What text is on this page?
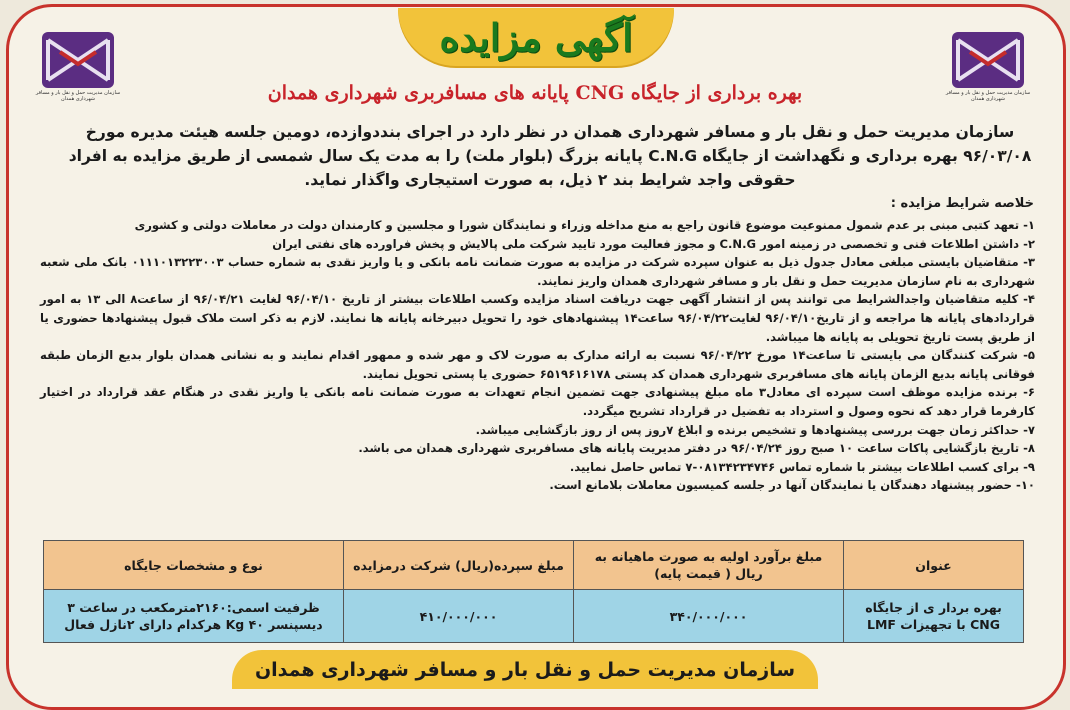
سازمان مدیریت حمل و نقل بار و مسافر شهرداری همدان
سازمان مدیریت حمل و نقل بار و مسافر شهرداری همدان
آگهی مزایده
بهره برداری از جایگاه CNG پایانه های مسافربری شهرداری همدان
سازمان مدیریت حمل و نقل بار و مسافر شهرداری همدان در نظر دارد در اجرای بنددوازده، دومین جلسه هیئت مدیره مورخ ۹۶/۰۳/۰۸ بهره برداری و نگهداشت از جایگاه C.N.G پایانه بزرگ (بلوار ملت) را به مدت یک سال شمسی از طریق مزایده به افراد حقوقی واجد شرایط بند ۲ ذیل، به صورت استیجاری واگذار نماید.
خلاصه شرایط مزایده :
۱- تعهد کتبی مبنی بر عدم شمول ممنوعیت موضوع قانون راجع به منع مداخله وزراء و نمایندگان شورا و مجلسین و کارمندان دولت در معاملات دولتی و کشوری
۲- داشتن اطلاعات فنی و تخصصی در زمینه امور C.N.G و مجوز فعالیت مورد تایید شرکت ملی پالایش و پخش فراورده های نفتی ایران
۳- متقاضیان بایستی مبلغی معادل جدول ذیل به عنوان سپرده شرکت در مزایده به صورت ضمانت نامه بانکی و یا واریز نقدی به شماره حساب ۰۱۱۱۰۱۳۲۲۳۰۰۳ بانک ملی شعبه شهرداری به نام سازمان مدیریت حمل و نقل بار و مسافر شهرداری همدان واریز نمایند.
۴- کلیه متقاضیان واجدالشرایط می توانند پس از انتشار آگهی جهت دریافت اسناد مزایده وکسب اطلاعات بیشتر از تاریخ ۹۶/۰۴/۱۰ لغایت ۹۶/۰۴/۲۱ از ساعت۸ الی ۱۳ به امور قراردادهای پایانه ها مراجعه و از تاریخ۹۶/۰۴/۱۰ لغایت۹۶/۰۴/۲۲ ساعت۱۴ پیشنهادهای خود را تحویل دبیرخانه پایانه ها نمایند. لازم به ذکر است ملاک قبول پیشنهادها حضوری یا از طریق پست تاریخ تحویلی به پایانه ها میباشد.
۵- شرکت کنندگان می بایستی تا ساعت۱۴ مورخ ۹۶/۰۴/۲۲ نسبت به ارائه مدارک به صورت لاک و مهر شده و ممهور اقدام نمایند و به نشانی همدان بلوار بدیع الزمان طبقه فوقانی پایانه بدیع الزمان پایانه های مسافربری شهرداری همدان کد پستی ۶۵۱۹۶۱۶۱۷۸ حضوری یا پستی تحویل نمایند.
۶- برنده مزایده موظف است سپرده ای معادل۳ ماه مبلغ پیشنهادی جهت تضمین انجام تعهدات به صورت ضمانت نامه بانکی یا واریز نقدی در هنگام عقد قرارداد در اختیار کارفرما قرار دهد که نحوه وصول و استرداد به تفضیل در قرارداد تشریح میگردد.
۷- حداکثر زمان جهت بررسی پیشنهادها و تشخیص برنده و ابلاغ ۷روز پس از روز بازگشایی میباشد.
۸- تاریخ بازگشایی پاکات ساعت ۱۰ صبح روز ۹۶/۰۴/۲۴ در دفتر مدیریت پایانه های مسافربری شهرداری همدان می باشد.
۹- برای کسب اطلاعات بیشتر با شماره تماس ۰۸۱۳۴۲۳۴۷۴۶-۷ تماس حاصل نمایید.
۱۰- حضور پیشنهاد دهندگان یا نمایندگان آنها در جلسه کمیسیون معاملات بلامانع است.
عنوان	مبلغ برآورد اولیه به صورت ماهیانه به ریال ( قیمت پایه)	مبلغ سپرده(ریال) شرکت درمزایده	نوع و مشخصات جایگاه
بهره بردار ی از جایگاه CNG با تجهیزات LMF	۳۴۰/۰۰۰/۰۰۰	۴۱۰/۰۰۰/۰۰۰	ظرفیت اسمی:۲۱۶۰مترمکعب در ساعت ۳ دیسپنسر ۴۰ Kg هرکدام دارای ۲نازل فعال
سازمان مدیریت حمل و نقل بار و مسافر شهرداری همدان
